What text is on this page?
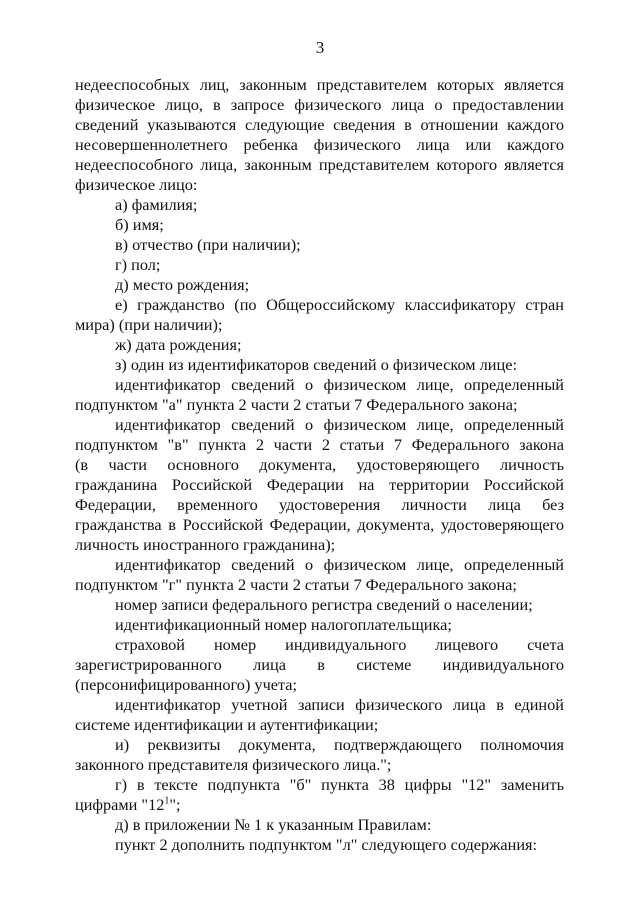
3

недееспособных лиц, законным представителем которых является физическое лицо, в запросе физического лица о предоставлении сведений указываются следующие сведения в отношении каждого несовершеннолетнего ребенка физического лица или каждого недееспособного лица, законным представителем которого является физическое лицо:

а) фамилия;

б) имя;

в) отчество (при наличии);

г) пол;

д) место рождения;

е) гражданство (по Общероссийскому классификатору стран мира) (при наличии);

ж) дата рождения;

з) один из идентификаторов сведений о физическом лице:

идентификатор сведений о физическом лице, определенный подпунктом "а" пункта 2 части 2 статьи 7 Федерального закона;

идентификатор сведений о физическом лице, определенный

подпунктом "в" пункта 2 части 2 статьи 7 Федерального закона

(в части основного документа, удостоверяющего личность гражданина Российской Федерации на территории Российской Федерации, временного удостоверения личности лица без гражданства в Российской Федерации, документа, удостоверяющего личность иностранного гражданина);

идентификатор сведений о физическом лице, определенный подпунктом "г" пункта 2 части 2 статьи 7 Федерального закона;

номер записи федерального регистра сведений о населении;

идентификационный номер налогоплательщика;

страховой номер индивидуального лицевого счета зарегистрированного лица в системе индивидуального (персонифицированного) учета;

идентификатор учетной записи физического лица в единой системе идентификации и аутентификации;

и) реквизиты документа, подтверждающего полномочия законного представителя физического лица.";

г) в тексте подпункта "б" пункта 38 цифры "12" заменить

цифрами "$12^1$";

д) в приложении № 1 к указанным Правилам:

пункт 2 дополнить подпунктом "л" следующего содержания:
